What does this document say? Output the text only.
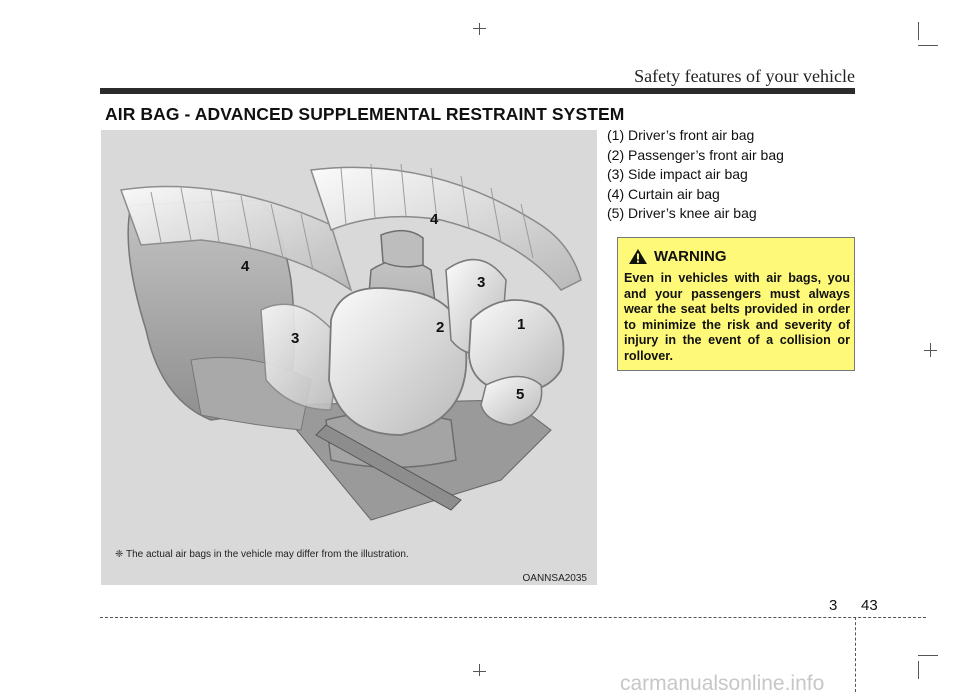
Safety features of your vehicle
AIR BAG - ADVANCED SUPPLEMENTAL RESTRAINT SYSTEM
4
4
3
3
2	1
5
❈ The actual air bags in the vehicle may differ from the illustration.
OANNSA2035
(1) Driver’s front air bag
(2) Passenger’s front air bag
(3) Side impact air bag
(4) Curtain air bag
(5) Driver’s knee air bag
WARNING

Even in vehicles with air bags, you and your passengers must always wear the seat belts provided in order to minimize the risk and severity of injury in the event of a collision or rollover.

3 43
carmanualsonline.info
